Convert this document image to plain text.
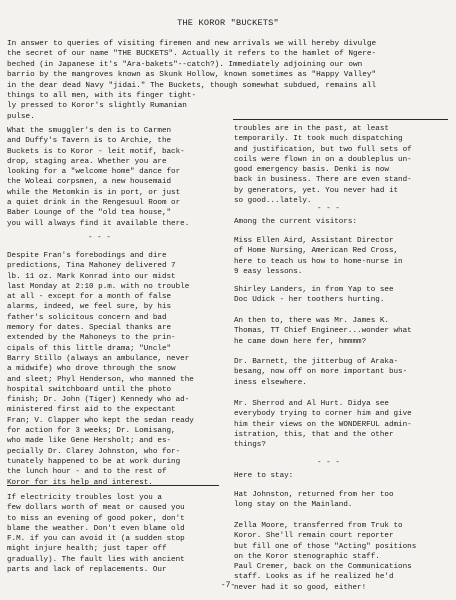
THE KOROR "BUCKETS"

In answer to queries of visiting firemen and new arrivals we will hereby divulge
the secret of our name "THE BUCKETS". Actually it refers to the hamlet of Ngere-
beched (in Japanese it's "Ara-bakets"--catch?). Immediately adjoining our own
barrio by the mangroves known as Skunk Hollow, known sometimes as "Happy Valley"
in the dear dead Navy "jidai." The Buckets, though somewhat subdued, remains all
things to all men, with its finger tight-
ly pressed to Koror's slightly Rumanian
pulse.

What the smuggler's den is to Carmen
and Duffy's Tavern is to Archie, the
Buckets is to Koror - leit motif, back-
drop, staging area. Whether you are
looking for a "welcome home" dance for
the Woleai corpsmen, a new housemaid
while the Metomkin is in port, or just
a quiet drink in the Rengesuul Room or
Baber Lounge of the "old tea house,"
you will always find it available there.

- - -

Despite Fran's forebodings and dire
predictions, Tina Mahoney delivered 7
lb. 11 oz. Mark Konrad into our midst
last Monday at 2:10 p.m. with no trouble
at all - except for a month of false
alarms, indeed, we feel sure, by his
father's solicitous concern and bad
memory for dates. Special thanks are
extended by the Mahoneys to the prin-
cipals of this little drama; "Uncle"
Barry Stillo (always an ambulance, never
a midwife) who drove through the snow
and sleet; Phyl Henderson, who manned the
hospital switchboard until the photo
finish; Dr. John (Tiger) Kennedy who ad-
ministered first aid to the expectant
Fran; V. Clapper who kept the sedan ready
for action for 3 weeks; Dr. Lomisang,
who made like Gene Hersholt; and es-
pecially Dr. Clarey Johnston, who for-
tunately happened to be at work during
the lunch hour - and to the rest of
Koror for its help and interest.

If electricity troubles lost you a
few dollars worth of meat or caused you
to miss an evening of good poker, don't
blame the weather. Don't even blame old
F.M. if you can avoid it (a sudden stop
might injure health; just taper off
gradually). The fault lies with ancient
parts and lack of replacements. Our

troubles are in the past, at least
temporarily. It took much dispatching
and justification, but two full sets of
coils were flown in on a doubleplus un-
good emergency basis. Denki is now
back in business. There are even stand-
by generators, yet. You never had it
so good...lately.

- - -

Among the current visitors:

Miss Ellen Aird, Assistant Director
of Home Nursing, American Red Cross,
here to teach us how to home-nurse in
9 easy lessons.

Shirley Landers, in from Yap to see
Doc Udick - her toothers hurting.

An then to, there was Mr. James K.
Thomas, TT Chief Engineer...wonder what
he came down here fer, hmmmm?

Dr. Barnett, the jitterbug of Araka-
besang, now off on more important bus-
iness elsewhere.

Mr. Sherrod and Al Hurt. Didya see
everybody trying to corner him and give
him their views on the WONDERFUL admin-
istration, this, that and the other
things?

- - -

Here to stay:

Hat Johnston, returned from her too
long stay on the Mainland.

Zella Moore, transferred from Truk to
Koror. She'll remain court reporter
but fill one of those "Acting" positions
on the Koror stenographic staff.

Paul Cremer, back on the Communications
staff. Looks as if he realized he'd
never had it so good, either!

-7-
